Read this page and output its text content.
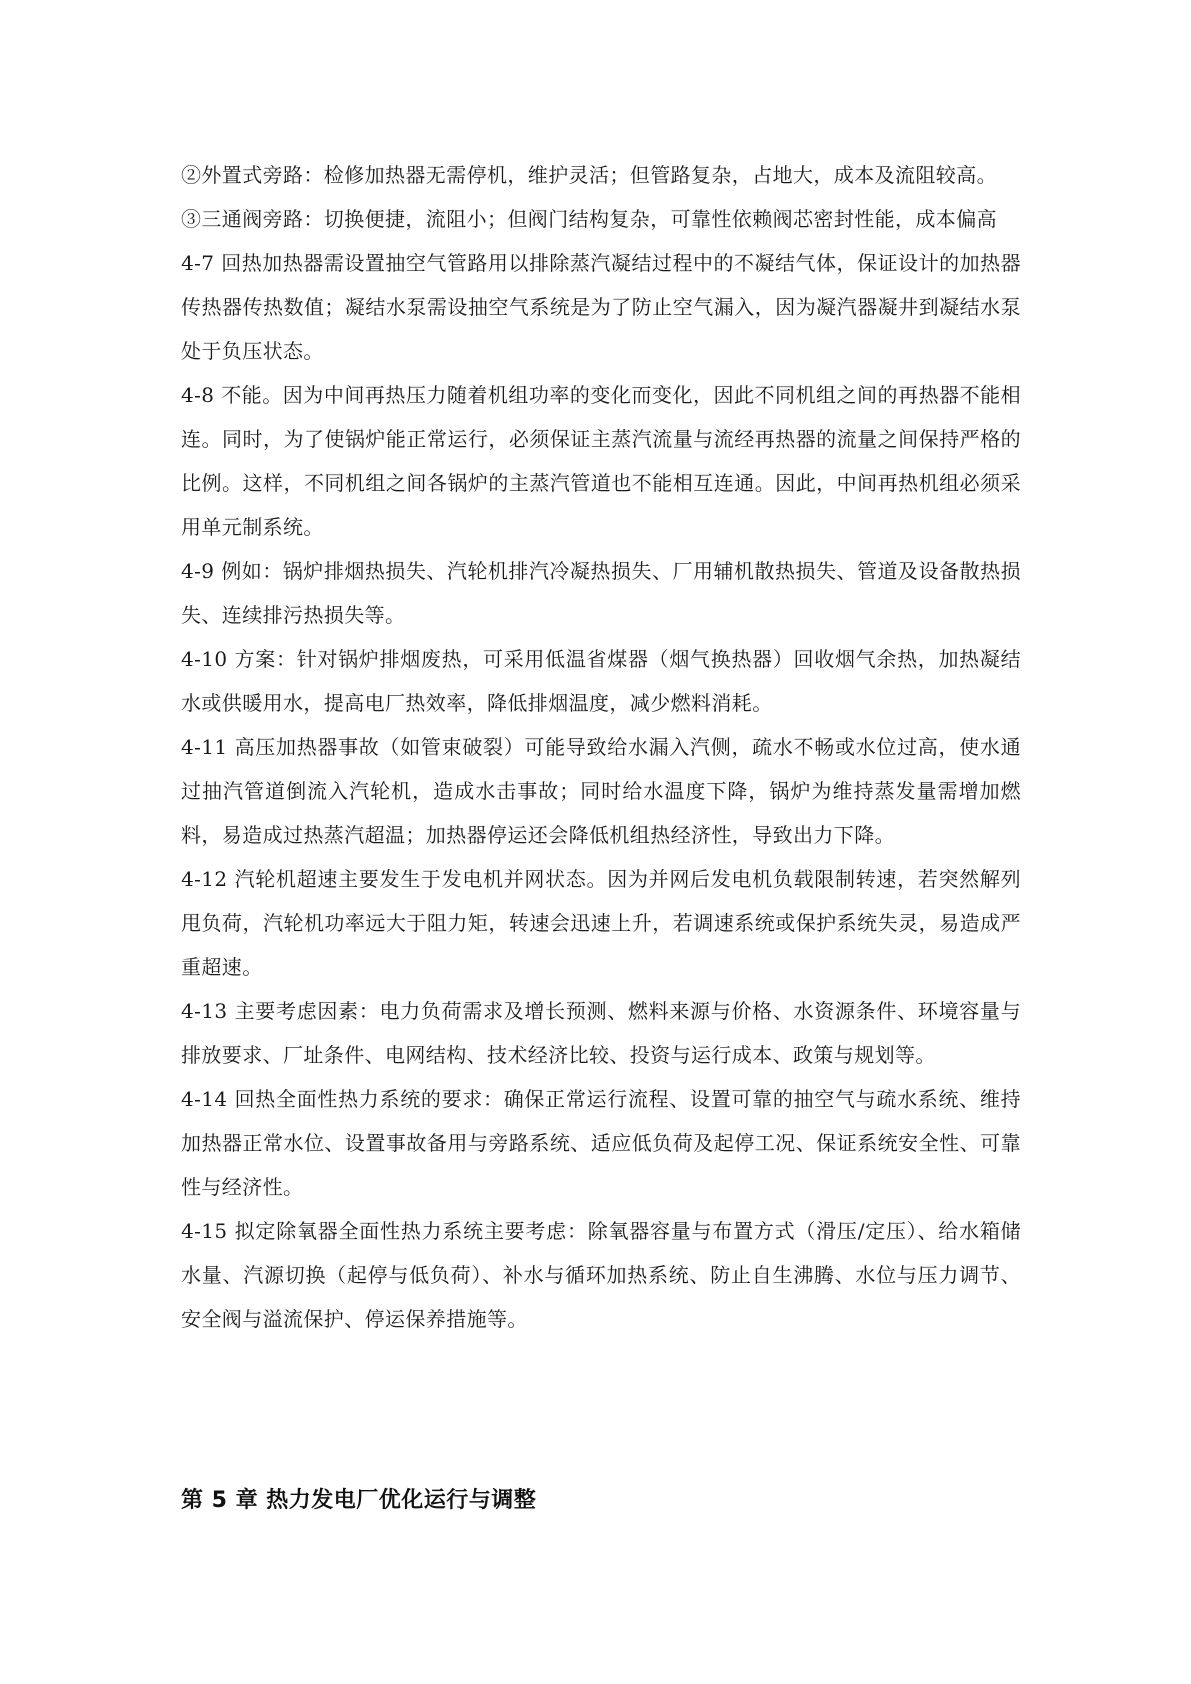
②外置式旁路：检修加热器无需停机，维护灵活；但管路复杂，占地大，成本及流阻较高。

③三通阀旁路：切换便捷，流阻小；但阀门结构复杂，可靠性依赖阀芯密封性能，成本偏高

4-7 回热加热器需设置抽空气管路用以排除蒸汽凝结过程中的不凝结气体，保证设计的加热器传热器传热数值；凝结水泵需设抽空气系统是为了防止空气漏入，因为凝汽器凝井到凝结水泵处于负压状态。

4-8 不能。因为中间再热压力随着机组功率的变化而变化，因此不同机组之间的再热器不能相连。同时，为了使锅炉能正常运行，必须保证主蒸汽流量与流经再热器的流量之间保持严格的比例。这样，不同机组之间各锅炉的主蒸汽管道也不能相互连通。因此，中间再热机组必须采用单元制系统。

4-9 例如：锅炉排烟热损失、汽轮机排汽冷凝热损失、厂用辅机散热损失、管道及设备散热损失、连续排污热损失等。

4-10 方案：针对锅炉排烟废热，可采用低温省煤器（烟气换热器）回收烟气余热，加热凝结水或供暖用水，提高电厂热效率，降低排烟温度，减少燃料消耗。

4-11 高压加热器事故（如管束破裂）可能导致给水漏入汽侧，疏水不畅或水位过高，使水通过抽汽管道倒流入汽轮机，造成水击事故；同时给水温度下降，锅炉为维持蒸发量需增加燃料，易造成过热蒸汽超温；加热器停运还会降低机组热经济性，导致出力下降。

4-12 汽轮机超速主要发生于发电机并网状态。因为并网后发电机负载限制转速，若突然解列甩负荷，汽轮机功率远大于阻力矩，转速会迅速上升，若调速系统或保护系统失灵，易造成严重超速。

4-13 主要考虑因素：电力负荷需求及增长预测、燃料来源与价格、水资源条件、环境容量与排放要求、厂址条件、电网结构、技术经济比较、投资与运行成本、政策与规划等。

4-14 回热全面性热力系统的要求：确保正常运行流程、设置可靠的抽空气与疏水系统、维持加热器正常水位、设置事故备用与旁路系统、适应低负荷及起停工况、保证系统安全性、可靠性与经济性。

4-15 拟定除氧器全面性热力系统主要考虑：除氧器容量与布置方式（滑压/定压）、给水箱储水量、汽源切换（起停与低负荷）、补水与循环加热系统、防止自生沸腾、水位与压力调节、安全阀与溢流保护、停运保养措施等。

第 5 章 热力发电厂优化运行与调整
